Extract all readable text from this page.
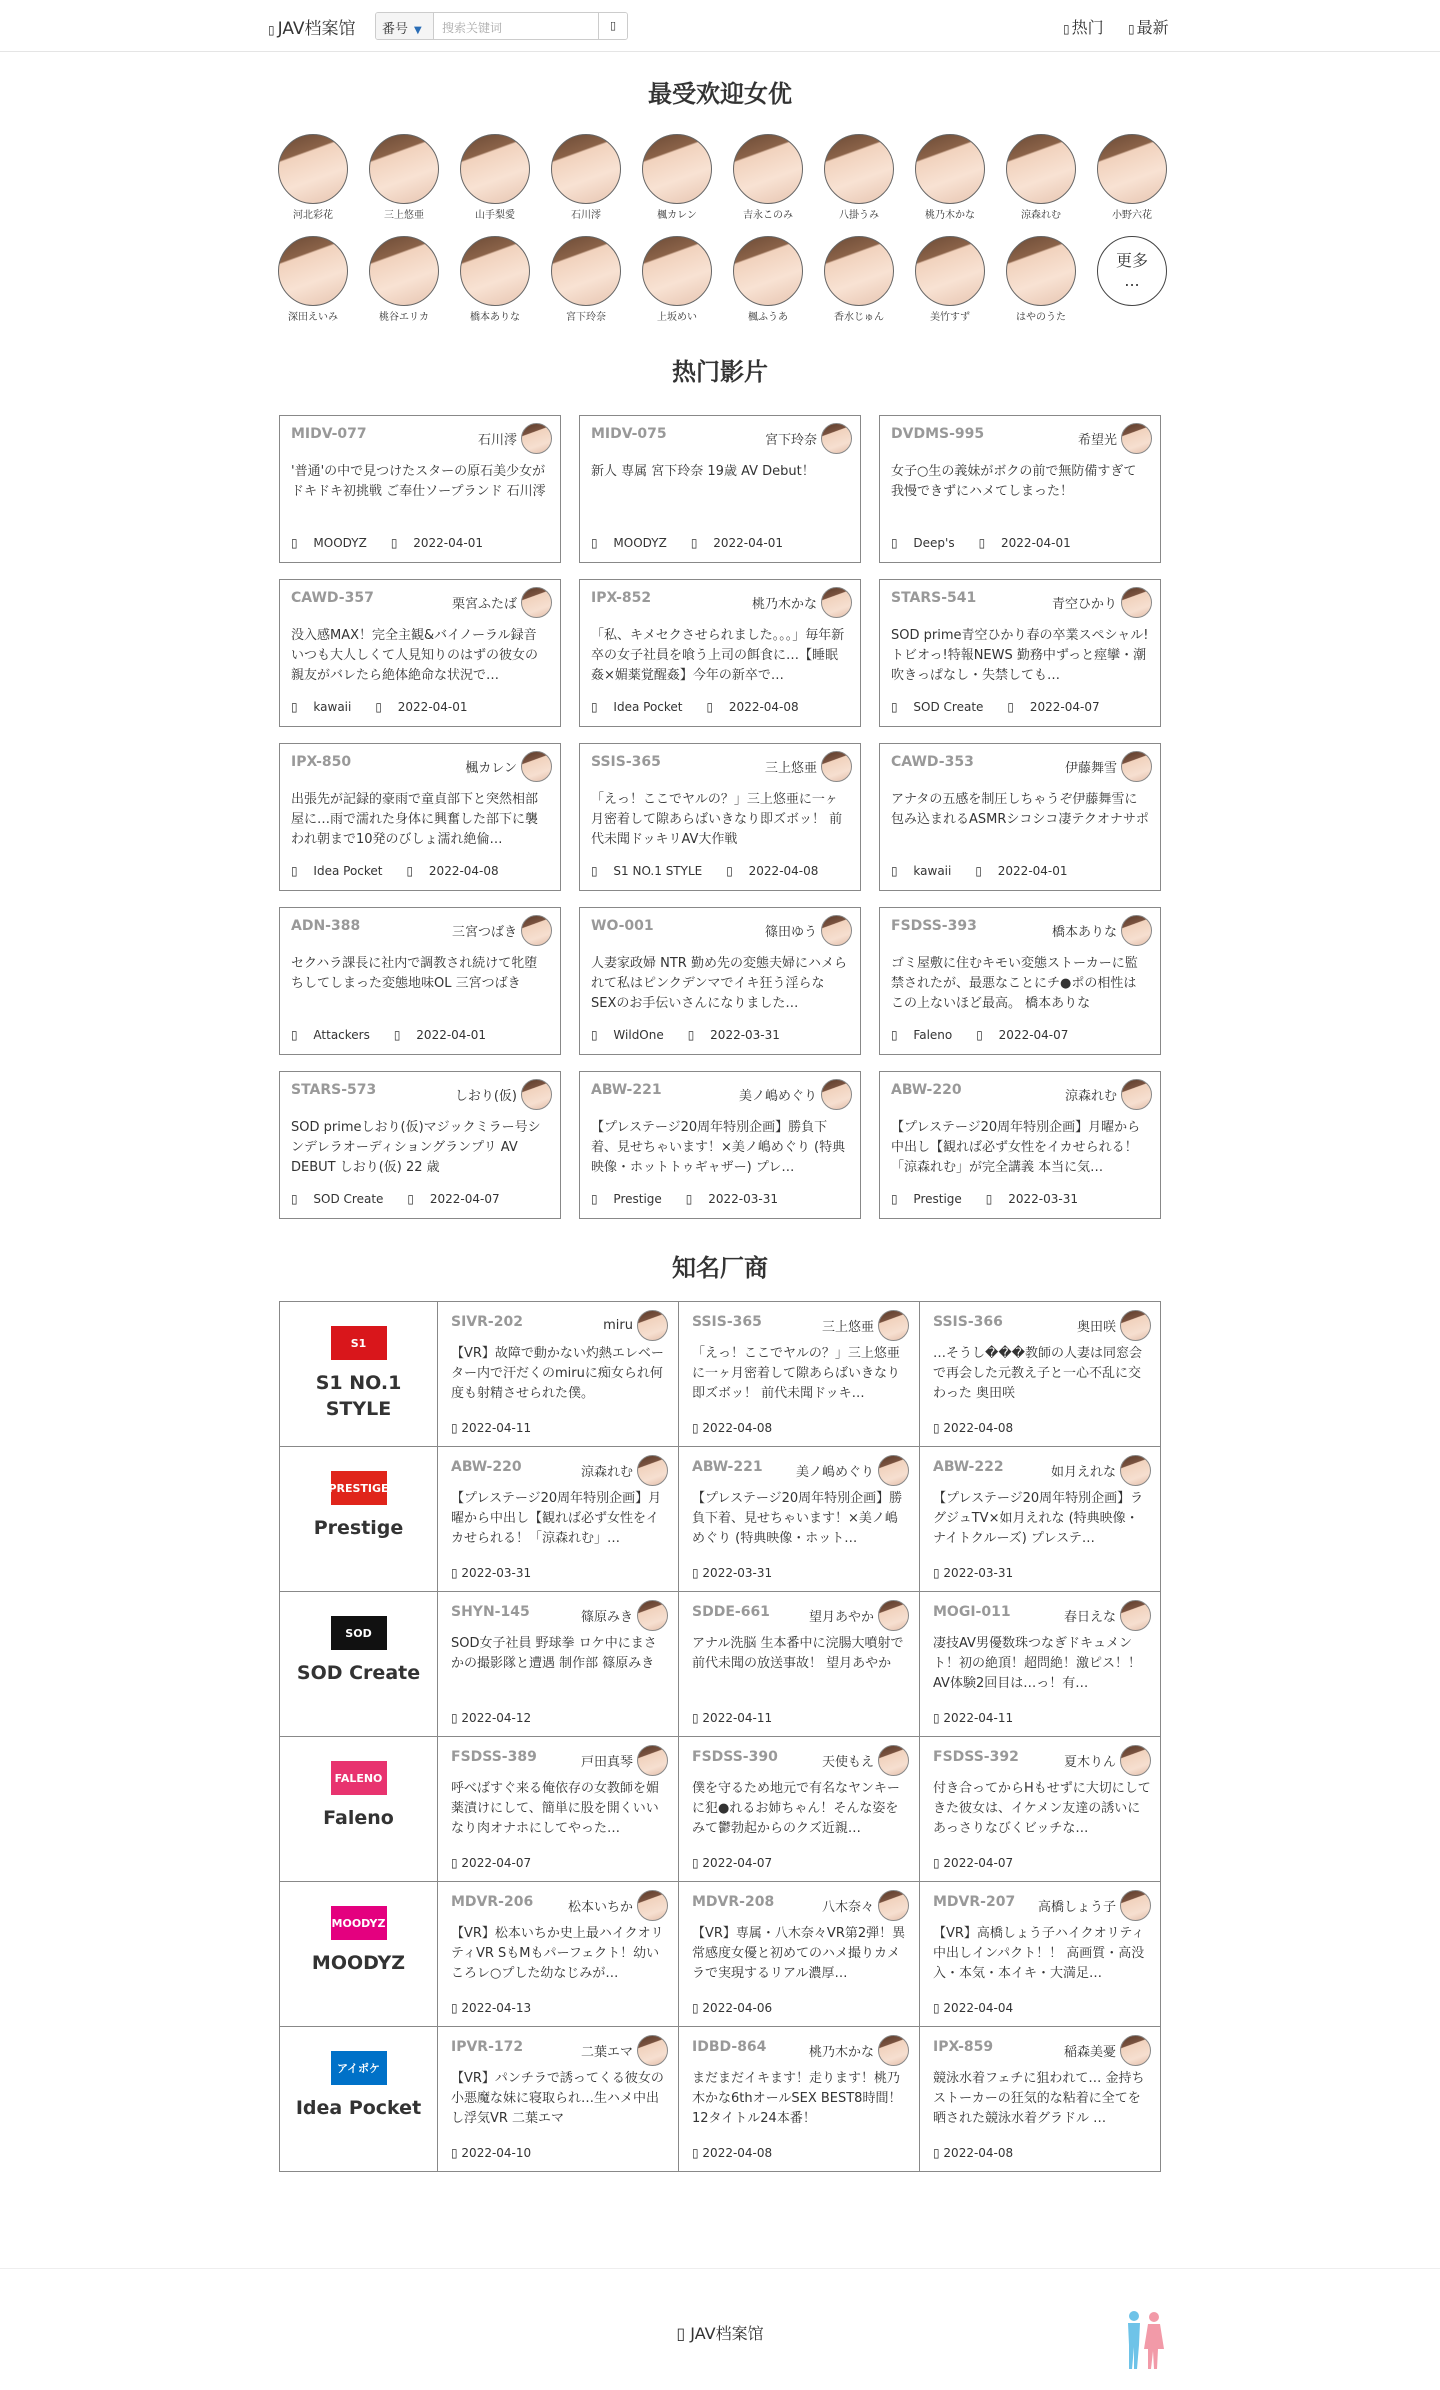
▯ JAV档案馆	番号 ▼	搜索关键词	▯	▯ 热门 ▯ 最新
最受欢迎女优
河北彩花	三上悠亜	山手梨愛	石川澪	楓カレン	吉永このみ	八掛うみ	桃乃木かな	涼森れむ	小野六花
深田えいみ	桃谷エリカ	橋本ありな	宮下玲奈	上坂めい	楓ふうあ	香水じゅん	美竹すず	はやのうた
更多
...
热门影片
MIDV-077	石川澪
'普通'の中で見つけたスターの原石美少女がドキドキ初挑戦 ご奉仕ソープランド 石川澪
▯ MOODYZ ▯ 2022-04-01
MIDV-075	宮下玲奈
新人 専属 宮下玲奈 19歳 AV Debut！
▯ MOODYZ ▯ 2022-04-01
DVDMS-995	希望光
女子○生の義妹がボクの前で無防備すぎて 我慢できずにハメてしまった！
▯ Deep's ▯ 2022-04-01
CAWD-357	栗宮ふたば
没入感MAX！完全主観&バイノーラル録音 いつも大人しくて人見知りのはずの彼女の親友がバレたら絶体絶命な状況で…
▯ kawaii ▯ 2022-04-01
IPX-852	桃乃木かな
「私、キメセクさせられました。。。」毎年新卒の女子社員を喰う上司の餌食に…【睡眠姦×媚薬覚醒姦】今年の新卒で…
▯ Idea Pocket ▯ 2022-04-08
STARS-541	青空ひかり
SOD prime青空ひかり春の卒業スペシャル!トビオっ!特報NEWS 勤務中ずっと痙攣・潮吹きっぱなし・失禁しても…
▯ SOD Create ▯ 2022-04-07
IPX-850	楓カレン
出張先が記録的豪雨で童貞部下と突然相部屋に…雨で濡れた身体に興奮した部下に襲われ朝まで10発のびしょ濡れ絶倫…
▯ Idea Pocket ▯ 2022-04-08
SSIS-365	三上悠亜
「えっ！ここでヤルの？」三上悠亜に一ヶ月密着して隙あらばいきなり即ズボッ！ 前代未聞ドッキリAV大作戦
▯ S1 NO.1 STYLE ▯ 2022-04-08
CAWD-353	伊藤舞雪
アナタの五感を制圧しちゃうぞ伊藤舞雪に包み込まれるASMRシコシコ凄テクオナサポ
▯ kawaii ▯ 2022-04-01
ADN-388	三宮つばき
セクハラ課長に社内で調教され続けて牝堕ちしてしまった変態地味OL 三宮つばき
▯ Attackers ▯ 2022-04-01
WO-001	篠田ゆう
人妻家政婦 NTR 勤め先の変態夫婦にハメられて私はピンクデンマでイキ狂う淫らなSEXのお手伝いさんになりました…
▯ WildOne ▯ 2022-03-31
FSDSS-393	橋本ありな
ゴミ屋敷に住むキモい変態ストーカーに監禁されたが、最悪なことにチ●ポの相性はこの上ないほど最高。 橋本ありな
▯ Faleno ▯ 2022-04-07
STARS-573	しおり(仮)
SOD primeしおり(仮)マジックミラー号シンデレラオーディショングランプリ AV DEBUT しおり(仮) 22 歳
▯ SOD Create ▯ 2022-04-07
ABW-221	美ノ嶋めぐり
【プレステージ20周年特別企画】勝負下着、見せちゃいます！×美ノ嶋めぐり (特典映像・ホットトゥギャザー) プレ…
▯ Prestige ▯ 2022-03-31
ABW-220	涼森れむ
【プレステージ20周年特別企画】月曜から中出し【観れば必ず女性をイカせられる！「涼森れむ」が完全講義 本当に気…
▯ Prestige ▯ 2022-03-31
知名厂商
S1
S1 NO.1 STYLE
SIVR-202	miru
【VR】故障で動かない灼熱エレベーター内で汗だくのmiruに痴女られ何度も射精させられた僕。
▯ 2022-04-11
SSIS-365	三上悠亜
「えっ！ここでヤルの？」三上悠亜に一ヶ月密着して隙あらばいきなり即ズボッ！ 前代未聞ドッキ…
▯ 2022-04-08
SSIS-366	奥田咲
…そうし���教師の人妻は同窓会で再会した元教え子と一心不乱に交わった 奥田咲
▯ 2022-04-08
PRESTIGE
Prestige
ABW-220	涼森れむ
【プレステージ20周年特別企画】月曜から中出し【観れば必ず女性をイカせられる！「涼森れむ」…
▯ 2022-03-31
ABW-221	美ノ嶋めぐり
【プレステージ20周年特別企画】勝負下着、見せちゃいます！×美ノ嶋めぐり (特典映像・ホット…
▯ 2022-03-31
ABW-222	如月えれな
【プレステージ20周年特別企画】ラグジュTV×如月えれな (特典映像・ナイトクルーズ) プレステ…
▯ 2022-03-31
SOD
SOD Create
SHYN-145	篠原みき
SOD女子社員 野球拳 ロケ中にまさかの撮影隊と遭遇 制作部 篠原みき
▯ 2022-04-12
SDDE-661	望月あやか
アナル洗脳 生本番中に浣腸大噴射で前代未聞の放送事故！ 望月あやか
▯ 2022-04-11
MOGI-011	春日えな
凄技AV男優数珠つなぎドキュメント！初の絶頂！超問絶！激ピス！！AV体験2回目は…っ！有…
▯ 2022-04-11
FALENO
Faleno
FSDSS-389	戸田真琴
呼べばすぐ来る俺依存の女教師を媚薬漬けにして、簡単に股を開くいいなり肉オナホにしてやった…
▯ 2022-04-07
FSDSS-390	天使もえ
僕を守るため地元で有名なヤンキーに犯●れるお姉ちゃん！そんな姿をみて鬱勃起からのクズ近親…
▯ 2022-04-07
FSDSS-392	夏木りん
付き合ってからHもせずに大切にしてきた彼女は、イケメン友達の誘いにあっさりなびくビッチな…
▯ 2022-04-07
MOODYZ
MOODYZ
MDVR-206	松本いちか
【VR】松本いちか史上最ハイクオリティVR SもMもパーフェクト！幼いころレ○プした幼なじみが…
▯ 2022-04-13
MDVR-208	八木奈々
【VR】専属・八木奈々VR第2弾！異常感度女優と初めてのハメ撮りカメラで実現するリアル濃厚…
▯ 2022-04-06
MDVR-207 高橋しょう子
【VR】高橋しょう子ハイクオリティ中出しインパクト！！ 高画質・高没入・本気・本イキ・大満足…
▯ 2022-04-04
アイポケ
Idea Pocket
IPVR-172	二葉エマ
【VR】パンチラで誘ってくる彼女の小悪魔な妹に寝取られ…生ハメ中出し浮気VR 二葉エマ
▯ 2022-04-10
IDBD-864	桃乃木かな
まだまだイキます！走ります！桃乃木かな6thオールSEX BEST8時間！12タイトル24本番！
▯ 2022-04-08
IPX-859	稲森美憂
競泳水着フェチに狙われて… 金持ちストーカーの狂気的な粘着に全てを晒された競泳水着グラドル …
▯ 2022-04-08
▯ JAV档案馆
